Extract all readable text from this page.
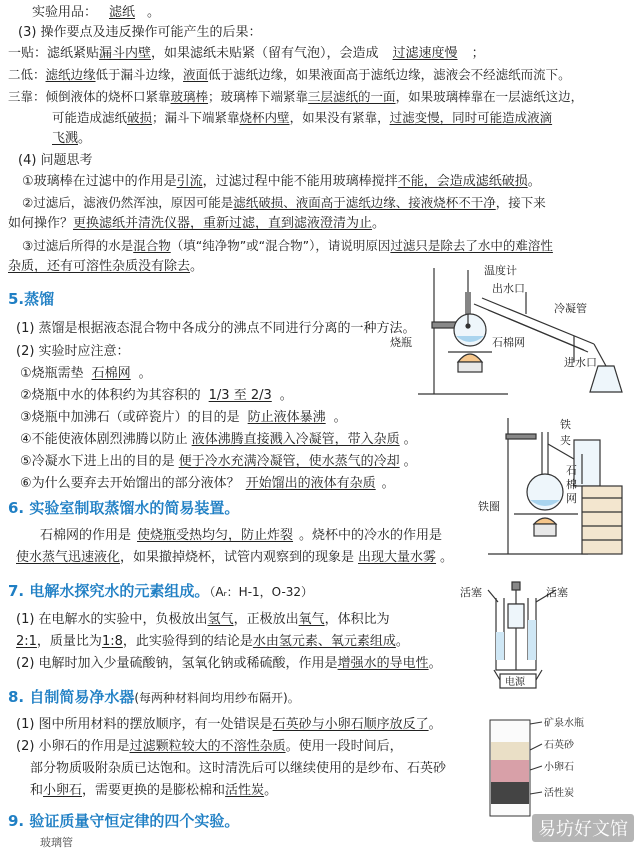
实验用品： 滤纸 。
(3) 操作要点及违反操作可能产生的后果：
一贴：滤纸紧贴漏斗内壁，如果滤纸未贴紧（留有气泡），会造成 过滤速度慢 ；
二低：滤纸边缘低于漏斗边缘，液面低于滤纸边缘，如果液面高于滤纸边缘，滤液会不经滤纸而流下。
三靠：倾倒液体的烧杯口紧靠玻璃棒；玻璃棒下端紧靠三层滤纸的一面，如果玻璃棒靠在一层滤纸这边，
可能造成滤纸破损；漏斗下端紧靠烧杯内壁，如果没有紧靠，过滤变慢，同时可能造成液滴
飞溅。
(4) 问题思考
①玻璃棒在过滤中的作用是引流，过滤过程中能不能用玻璃棒搅拌不能，会造成滤纸破损。
②过滤后，滤液仍然浑浊，原因可能是滤纸破损、液面高于滤纸边缘、接液烧杯不干净，接下来
如何操作？更换滤纸并清洗仪器，重新过滤，直到滤液澄清为止。
③过滤后所得的水是混合物（填“纯净物”或“混合物”），请说明原因过滤只是除去了水中的难溶性
杂质，还有可溶性杂质没有除去。
5.蒸馏
(1) 蒸馏是根据液态混合物中各成分的沸点不同进行分离的一种方法。
(2) 实验时应注意：
①烧瓶需垫 石棉网 。
②烧瓶中水的体积约为其容积的 1/3 至 2/3 。
③烧瓶中加沸石（或碎瓷片）的目的是 防止液体暴沸 。
④不能使液体剧烈沸腾以防止 液体沸腾直接溅入冷凝管，带入杂质 。
⑤冷凝水下进上出的目的是 便于冷水充满冷凝管，使水蒸气的冷却 。
⑥为什么要弃去开始馏出的部分液体？ 开始馏出的液体有杂质 。
温度计
出水口
冷凝管
烧瓶	石棉网
进水口
6. 实验室制取蒸馏水的简易装置。
石棉网的作用是 使烧瓶受热均匀，防止炸裂 。烧杯中的冷水的作用是
使水蒸气迅速液化，如果撤掉烧杯，试管内观察到的现象是 出现大量水雾 。
铁
夹
石
棉
网
铁圈
7. 电解水探究水的元素组成。（Aᵣ：H-1，O-32）
(1) 在电解水的实验中，负极放出氢气，正极放出氧气，体积比为
2:1，质量比为1:8，此实验得到的结论是水由氢元素、氧元素组成。
(2) 电解时加入少量硫酸钠，氢氧化钠或稀硫酸，作用是增强水的导电性。
活塞	活塞
电源
8. 自制简易净水器(每两种材料间均用纱布隔开)。
(1) 图中所用材料的摆放顺序，有一处错误是石英砂与小卵石顺序放反了。
(2) 小卵石的作用是过滤颗粒较大的不溶性杂质。使用一段时间后，
部分物质吸附杂质已达饱和。这时清洗后可以继续使用的是纱布、石英砂
和小卵石，需要更换的是膨松棉和活性炭。
矿泉水瓶
石英砂
小卵石
活性炭
9. 验证质量守恒定律的四个实验。
玻璃管
易坊好文馆
